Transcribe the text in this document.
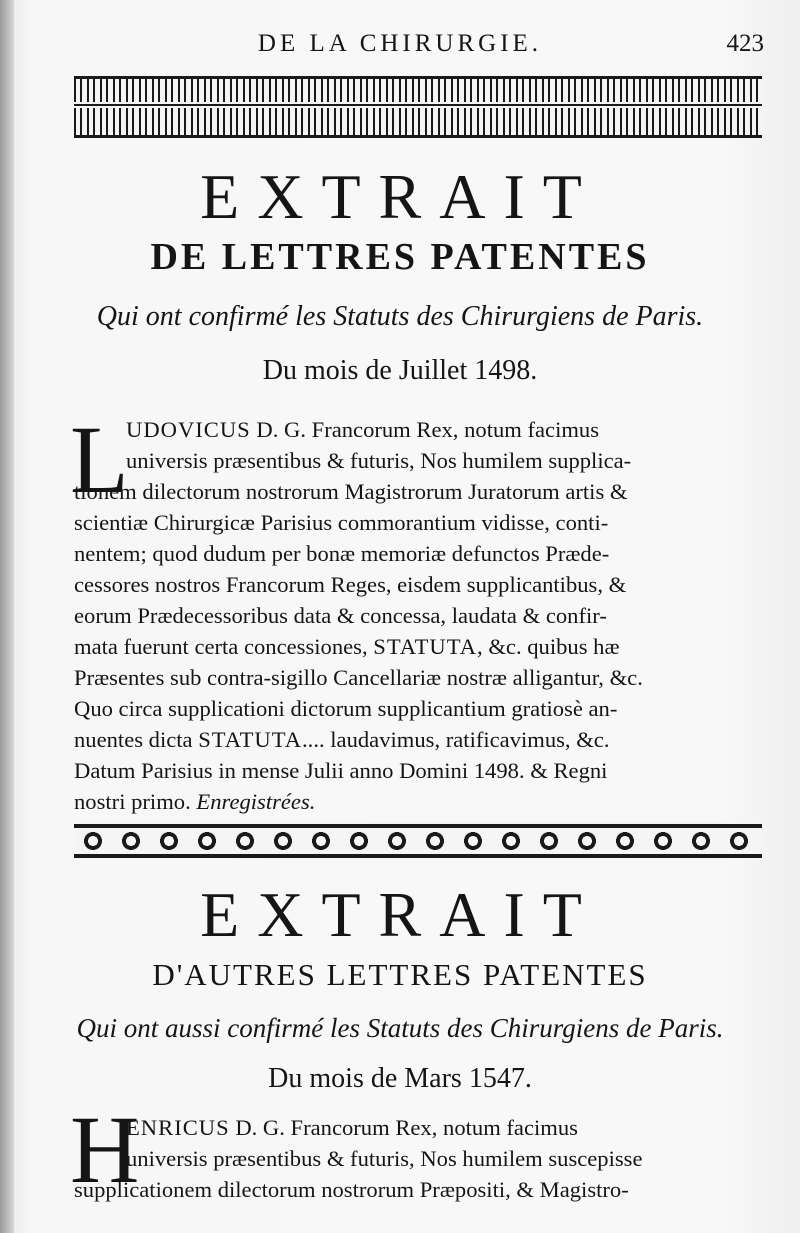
DE LA CHIRURGIE.	423
EXTRAIT
DE LETTRES PATENTES
Qui ont confirmé les Statuts des Chirurgiens de Paris.
Du mois de Juillet 1498.
L
UDOVICUS D. G. Francorum Rex, notum facimus
universis præsentibus & futuris, Nos humilem supplica-
tionem dilectorum nostrorum Magistrorum Juratorum artis &
scientiæ Chirurgicæ Parisius commorantium vidisse, conti-
nentem; quod dudum per bonæ memoriæ defunctos Præde-
cessores nostros Francorum Reges, eisdem supplicantibus, &
eorum Prædecessoribus data & concessa, laudata & confir-
mata fuerunt certa concessiones, STATUTA, &c. quibus hæ
Præsentes sub contra-sigillo Cancellariæ nostræ alligantur, &c.
Quo circa supplicationi dictorum supplicantium gratiosè an-
nuentes dicta STATUTA.... laudavimus, ratificavimus, &c.
Datum Parisius in mense Julii anno Domini 1498. & Regni
nostri primo. Enregistrées.
EXTRAIT
D'AUTRES LETTRES PATENTES
Qui ont aussi confirmé les Statuts des Chirurgiens de Paris.
Du mois de Mars 1547.
H
ENRICUS D. G. Francorum Rex, notum facimus
universis præsentibus & futuris, Nos humilem suscepisse
supplicationem dilectorum nostrorum Præpositi, & Magistro-
